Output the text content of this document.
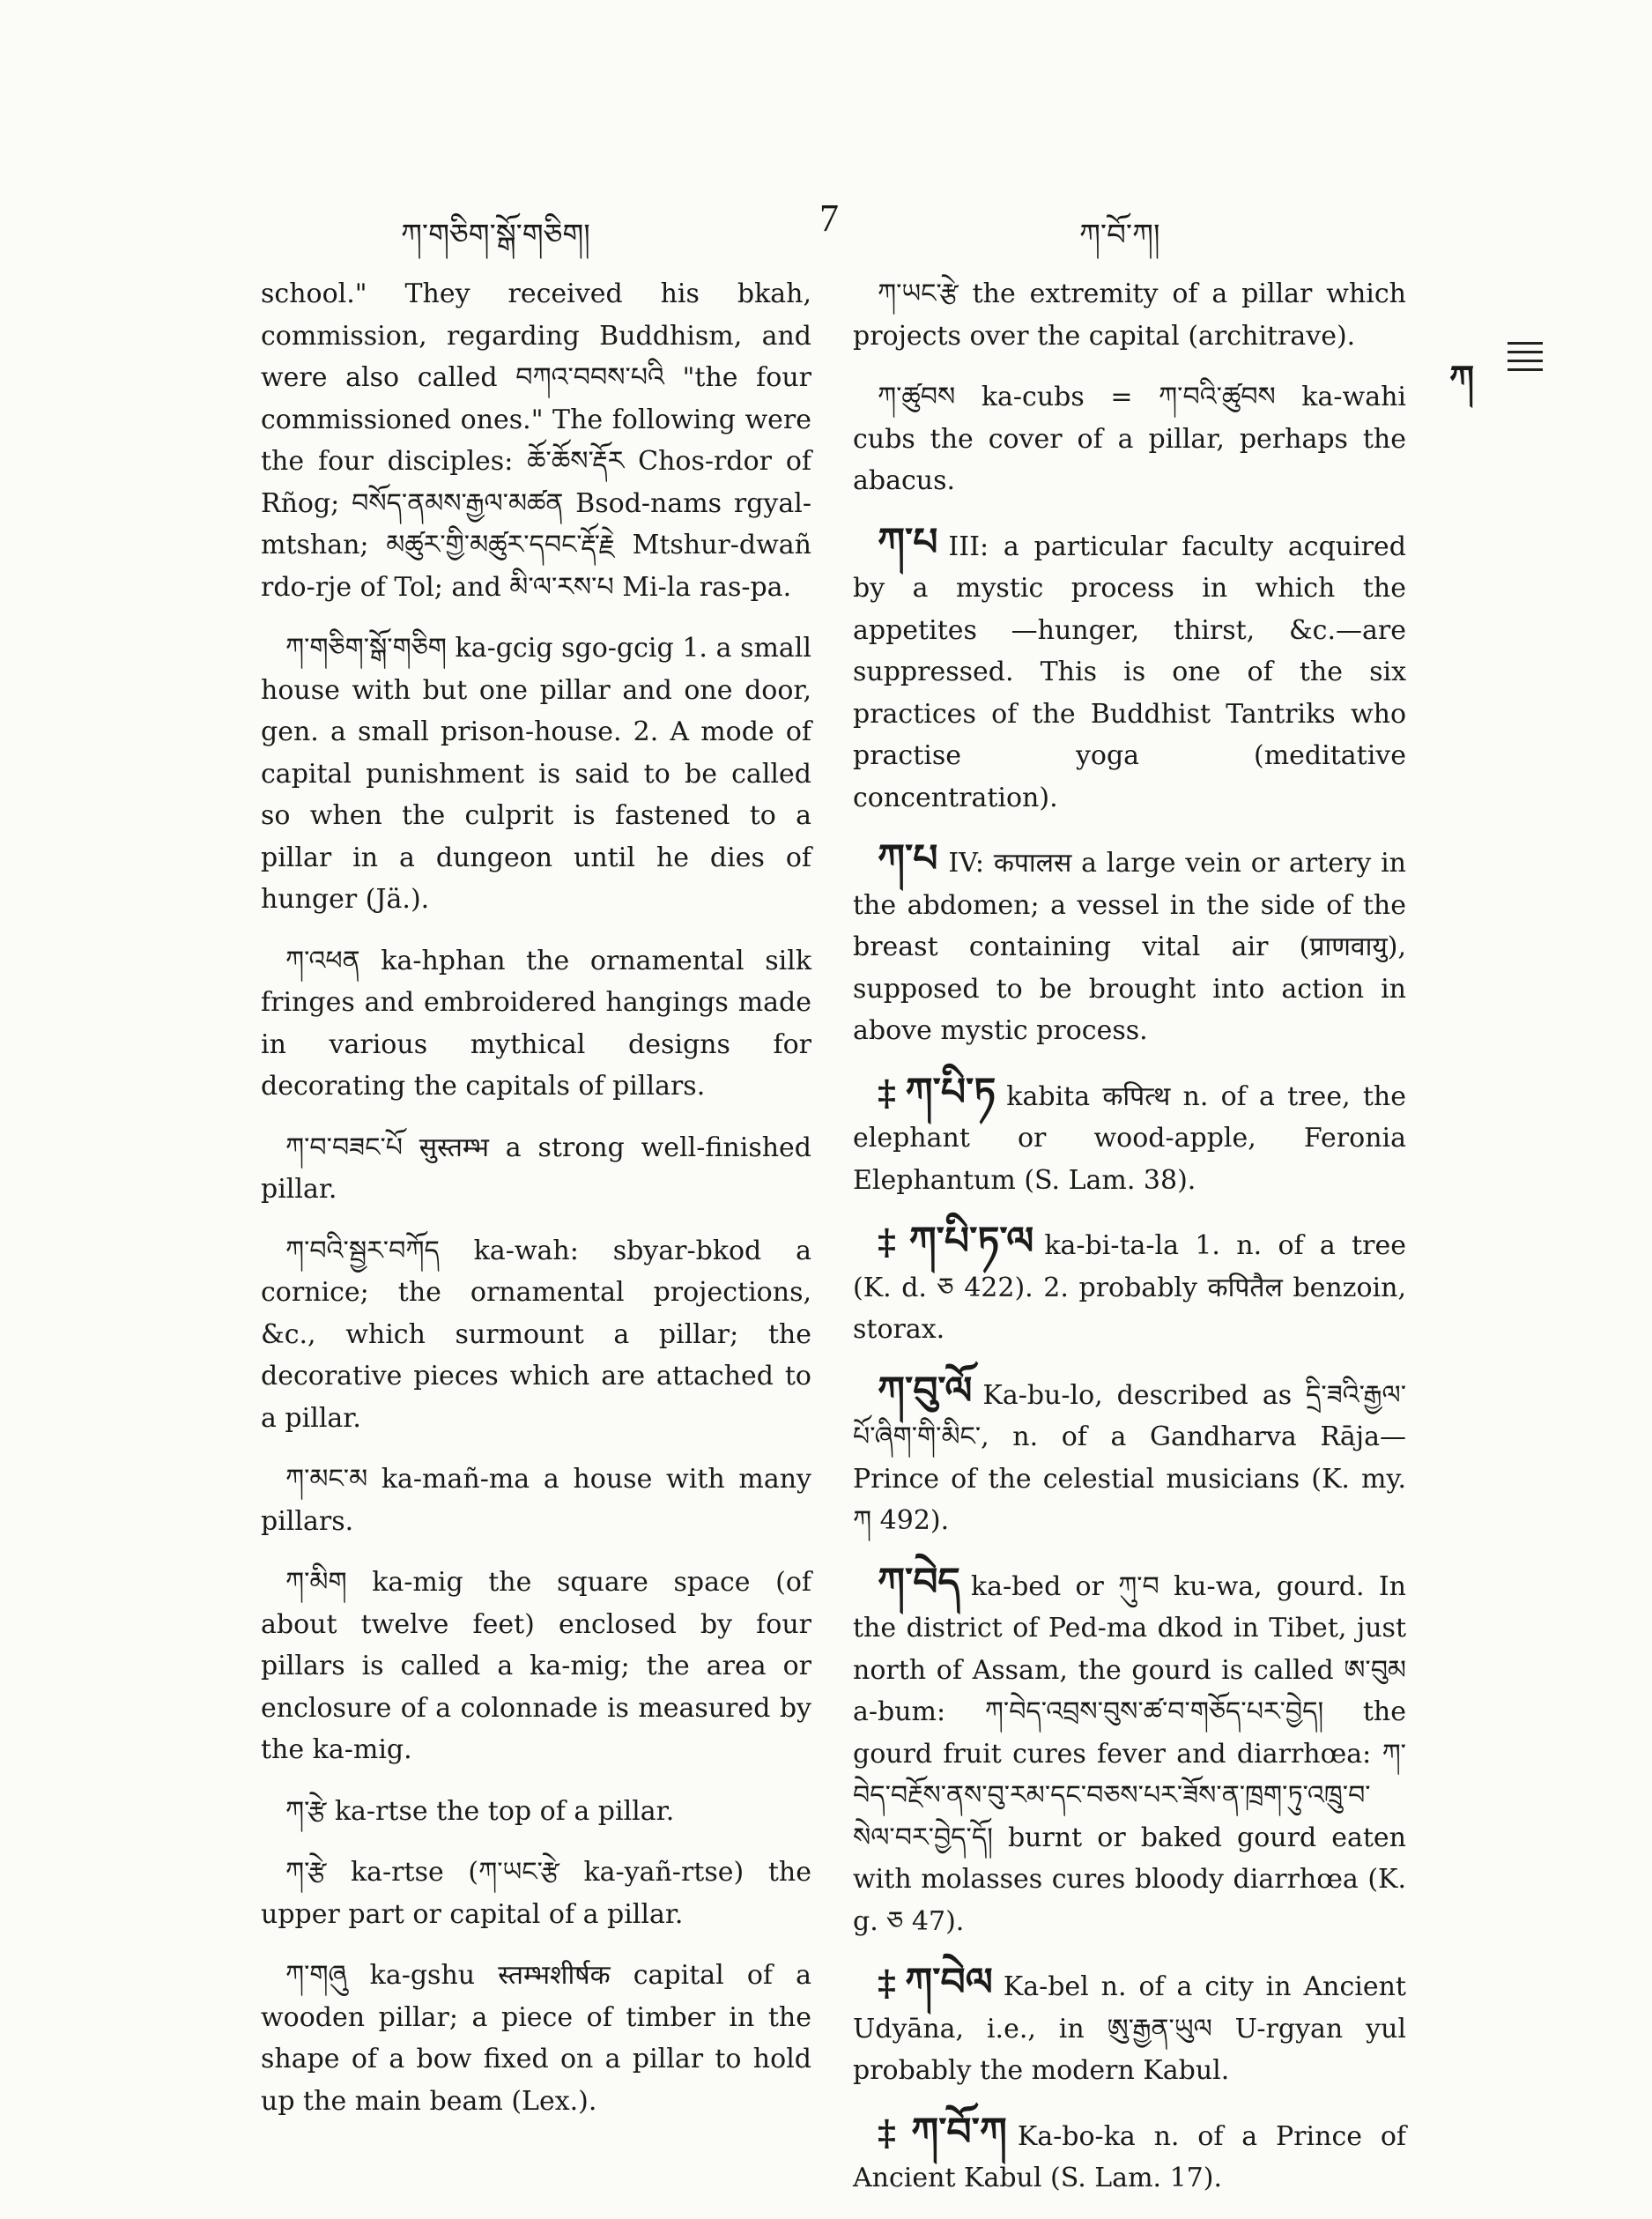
ཀ་གཅིག་སྒོ་གཅིག།	7	ཀ་བོ་ཀ།
ཀ

school." They received his bkah, commission, regarding Buddhism, and were also called བཀའ་བབས་པའི "the four commissioned ones." The following were the four disciples: ཆོ་ཆོས་རྡོར Chos-rdor of Rñog; བསོད་ནམས་རྒྱལ་མཚན Bsod-nams rgyal-mtshan; མཚུར་གྱི་མཚུར་དབང་རྡོ་རྗེ Mtshur-dwañ rdo-rje of Tol; and མི་ལ་རས་པ Mi-la ras-pa.

ཀ་གཅིག་སྒོ་གཅིག ka-gcig sgo-gcig 1. a small house with but one pillar and one door, gen. a small prison-house. 2. A mode of capital punishment is said to be called so when the culprit is fastened to a pillar in a dungeon until he dies of hunger (Jä.).

ཀ་འཕན ka-hphan the ornamental silk fringes and embroidered hangings made in various mythical designs for decorating the capitals of pillars.

ཀ་བ་བཟང་པོ सुस्तम्भ a strong well-finished pillar.

ཀ་བའི་སྦྱར་བཀོད ka-wah: sbyar-bkod a cornice; the ornamental projections, &c., which surmount a pillar; the decorative pieces which are attached to a pillar.

ཀ་མང་མ ka-mañ-ma a house with many pillars.

ཀ་མིག ka-mig the square space (of about twelve feet) enclosed by four pillars is called a ka-mig; the area or enclosure of a colonnade is measured by the ka-mig.

ཀ་རྩེ ka-rtse the top of a pillar.

ཀ་རྩེ ka-rtse (ཀ་ཡང་རྩེ ka-yañ-rtse) the upper part or capital of a pillar.

ཀ་གཞུ ka-gshu स्तम्भशीर्षक capital of a wooden pillar; a piece of timber in the shape of a bow fixed on a pillar to hold up the main beam (Lex.).

ཀ་ཡང་རྩེ the extremity of a pillar which projects over the capital (architrave).

ཀ་ཚུབས ka-cubs = ཀ་བའི་ཚུབས ka-wahi cubs the cover of a pillar, perhaps the abacus.

ཀ་པ III: a particular faculty acquired by a mystic process in which the appetites —hunger, thirst, &c.—are suppressed. This is one of the six practices of the Buddhist Tantriks who practise yoga (meditative concentration).

ཀ་པ IV: कपालस a large vein or artery in the abdomen; a vessel in the side of the breast containing vital air (प्राणवायु), supposed to be brought into action in above mystic process.

‡ ཀ་པི་ཏ kabita कपित्थ n. of a tree, the elephant or wood-apple, Feronia Elephantum (S. Lam. 38).

‡ ཀ་པི་ཏ་ལ ka-bi-ta-la 1. n. of a tree (K. d. ཅ 422). 2. probably कपितैल benzoin, storax.

ཀ་བུ་ལོ Ka-bu-lo, described as དྲི་ཟའི་རྒྱལ་པོ་ཞིག་གི་མིང་, n. of a Gandharva Rāja—Prince of the celestial musicians (K. my. ཀ 492).

ཀ་བེད ka-bed or ཀུ་བ ku-wa, gourd. In the district of Ped-ma dkod in Tibet, just north of Assam, the gourd is called ཨ་བུམ a-bum: ཀ་བེད་འབྲས་བུས་ཚ་བ་གཅོད་པར་བྱེད། the gourd fruit cures fever and diarrhœa: ཀ་བེད་བརྔོས་ནས་བུ་རམ་དང་བཅས་པར་ཟོས་ན་ཁྲག་ཏུ་འཁྲུ་བ་སེལ་བར་བྱེད་དོ། burnt or baked gourd eaten with molasses cures bloody diarrhœa (K. g. ཅ 47).

‡ ཀ་བེལ Ka-bel n. of a city in Ancient Udyāna, i.e., in ཨུ་རྒྱན་ཡུལ U-rgyan yul probably the modern Kabul.

‡ ཀ་བོ་ཀ Ka-bo-ka n. of a Prince of Ancient Kabul (S. Lam. 17).
